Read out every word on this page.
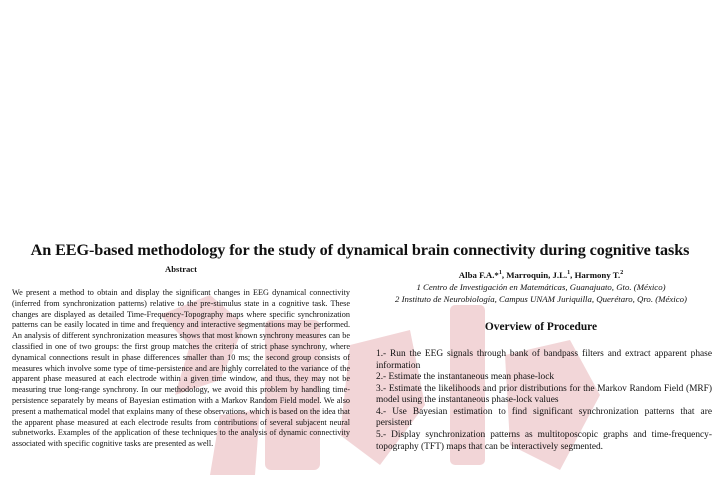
An EEG-based methodology for the study of dynamical brain connectivity during cognitive tasks
Abstract

We present a method to obtain and display the significant changes in EEG dynamical connectivity (inferred from synchronization patterns) relative to the pre-stimulus state in a cognitive task. These changes are displayed as detailed Time-Frequency-Topography maps where specific synchronization patterns can be easily located in time and frequency and interactive segmentations may be performed. An analysis of different synchronization measures shows that most known synchrony measures can be classified in one of two groups: the first group matches the criteria of strict phase synchrony, where dynamical connections result in phase differences smaller than 10 ms; the second group consists of measures which involve some type of time-persistence and are highly correlated to the variance of the apparent phase measured at each electrode within a given time window, and thus, they may not be measuring true long-range synchrony. In our methodology, we avoid this problem by handling time-persistence separately by means of Bayesian estimation with a Markov Random Field model. We also present a mathematical model that explains many of these observations, which is based on the idea that the apparent phase measured at each electrode results from contributions of several subjacent neural subnetworks. Examples of the application of these techniques to the analysis of dynamic connectivity associated with specific cognitive tasks are presented as well.

Alba F.A.*$^1$, Marroquin, J.L.$^1$, Harmony T.$^2$
1 Centro de Investigación en Matemáticas, Guanajuato, Gto. (México)
2 Instituto de Neurobiología, Campus UNAM Juriquilla, Querétaro, Qro. (México)
Overview of Procedure
1.- Run the EEG signals through bank of bandpass filters and extract apparent phase information
2.- Estimate the instantaneous mean phase-lock
3.- Estimate the likelihoods and prior distributions for the Markov Random Field (MRF) model using the instantaneous phase-lock values
4.- Use Bayesian estimation to find significant synchronization patterns that are persistent
5.- Display synchronization patterns as multitoposcopic graphs and time-frequency-topography (TFT) maps that can be interactively segmented.
